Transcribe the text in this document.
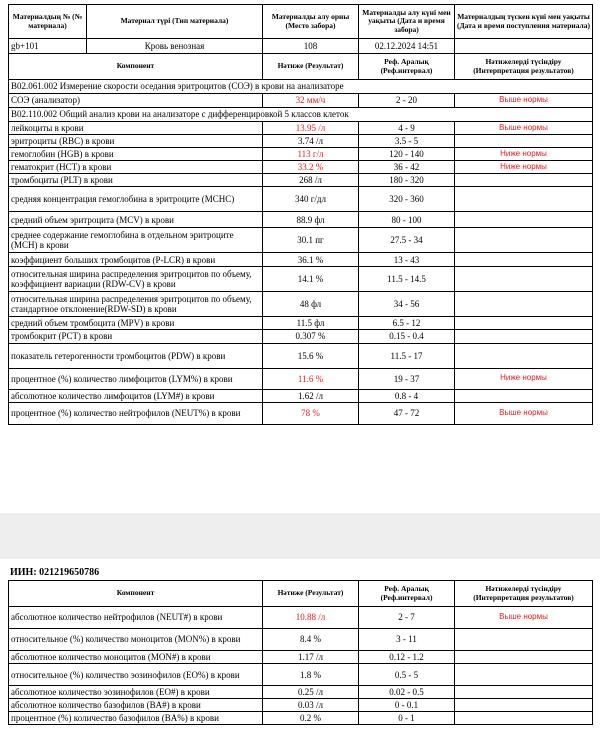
Материалдың № (№ материала)	Материал түрі (Тип материала)	Материалды алу орны (Место забора)	Материалды алу күні мен уақыты (Дата и время забора)	Материалдың түскен күні мен уақыты (Дата и время поступления материала)
gb+101	Кровь венозная	108	02.12.2024 14:51	
Компонент		Нәтиже (Результат)	Реф. Аралық (Реф.интервал)	Нәтижелерді түсіндіру (Интерпретация результатов)
В02.061.002 Измерение скорости оседания эритроцитов (СОЭ) в крови на анализаторе				
СОЭ (анализатор)		32 мм/ч	2 - 20	Выше нормы
В02.110.002 Общий анализ крови на анализаторе с дифференцировкой 5 классов клеток				
лейкоциты в крови		13.95 /л	4 - 9	Выше нормы
эритроциты (RBC) в крови		3.74 /л	3.5 - 5	
гемоглобин (HGB) в крови		113 г/л	120 - 140	Ниже нормы
гематокрит (HCT) в крови		33.2 %	36 - 42	Ниже нормы
тромбоциты (PLT) в крови		268 /л	180 - 320	
средняя концентрация гемоглобина в эритроците (MCHC)		340 г/дл	320 - 360	
средний объем эритроцита (MCV) в крови		88.9 фл	80 - 100	
среднее содержание гемоглобина в отдельном эритроците (MCH) в крови		30.1 пг	27.5 - 34	
коэффициент больших тромбоцитов (P-LCR) в крови		36.1 %	13 - 43	
относительная ширина распределения эритроцитов по объему, коэффициент вариации (RDW-CV) в крови		14.1 %	11.5 - 14.5	
относительная ширина распределения эритроцитов по объему, стандартное отклонение(RDW-SD) в крови		48 фл	34 - 56	
средний объем тромбоцита (MPV) в крови		11.5 фл	6.5 - 12	
тромбокрит (PCT) в крови		0.307 %	0.15 - 0.4	
показатель гетерогенности тромбоцитов (PDW) в крови		15.6 %	11.5 - 17	
процентное (%) количество лимфоцитов (LYM%) в крови		11.6 %	19 - 37	Ниже нормы
абсолютное количество лимфоцитов (LYM#) в крови		1.62 /л	0.8 - 4	
процентное (%) количество нейтрофилов (NEUT%) в крови		78 %	47 - 72	Выше нормы
ИИН: 021219650786
Компонент	Нәтиже (Результат)	Реф. Аралық (Реф.интервал)	Нәтижелерді түсіндіру (Интерпретация результатов)
абсолютное количество нейтрофилов (NEUT#) в крови	10.88 /л	2 - 7	Выше нормы
относительное (%) количество моноцитов (MON%) в крови	8.4 %	3 - 11	
абсолютное количество моноцитов (MON#) в крови	1.17 /л	0.12 - 1.2	
относительное (%) количество эозинофилов (EO%) в крови	1.8 %	0.5 - 5	
абсолютное количество эозинофилов (EO#) в крови	0.25 /л	0.02 - 0.5	
абсолютное количество базофилов (BA#) в крови	0.03 /л	0 - 0.1	
процентное (%) количество базофилов (BA%) в крови	0.2 %	0 - 1	
